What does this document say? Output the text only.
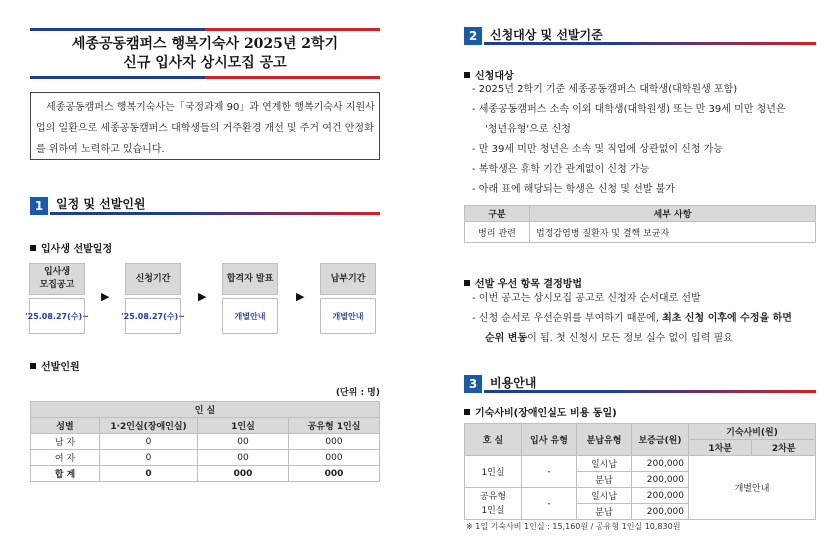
세종공동캠퍼스 행복기숙사 2025년 2학기
신규 입사자 상시모집 공고
세종공동캠퍼스 행복기숙사는「국정과제 90」과 연계한 행복기숙사 지원사업의 일환으로 세종공동캠퍼스 대학생들의 거주환경 개선 및 주거 여건 안정화를 위하여 노력하고 있습니다.
1	일정 및 선발인원
입사생 선발일정
입사생
모집공고
'25.08.27(수)~
▶
신청기간
'25.08.27(수)~
▶
합격자 발표
개별안내
▶
납부기간
개별안내
선발인원
(단위 : 명)
인 실			
성별	1·2인실(장애인실)	1인실	공유형 1인실
남 자	0	00	000
여 자	0	00	000
합 계	0	000	000
2	신청대상 및 선발기준
신청대상
- 2025년 2학기 기준 세종공동캠퍼스 대학생(대학원생 포함)
- 세종공동캠퍼스 소속 이외 대학생(대학원생) 또는 만 39세 미만 청년은
'청년유형'으로 신청
- 만 39세 미만 청년은 소속 및 직업에 상관없이 신청 가능
- 복학생은 휴학 기간 관계없이 신청 가능
- 아래 표에 해당되는 학생은 신청 및 선발 불가
구분	세부 사항
병리 관련	법정감염병 질환자 및 결핵 보균자
선발 우선 항목 결정방법
- 이번 공고는 상시모집 공고로 신청자 순서대로 선발
- 신청 순서로 우선순위를 부여하기 때문에, 최초 신청 이후에 수정을 하면
순위 변동이 됨. 첫 신청시 모든 정보 실수 없이 입력 필요
3	비용안내
기숙사비(장애인실도 비용 동일)
호 실	입사 유형	분납유형	보증금(원)	기숙사비(원)	
				1차분	2차분
1인실	-	일시납	200,000	개별안내	
		분납	200,000		
공유형
1인실	-	일시납	200,000		
		분납	200,000		
※ 1일 기숙사비 1인실 : 15,160원 / 공유형 1인실 10,830원
